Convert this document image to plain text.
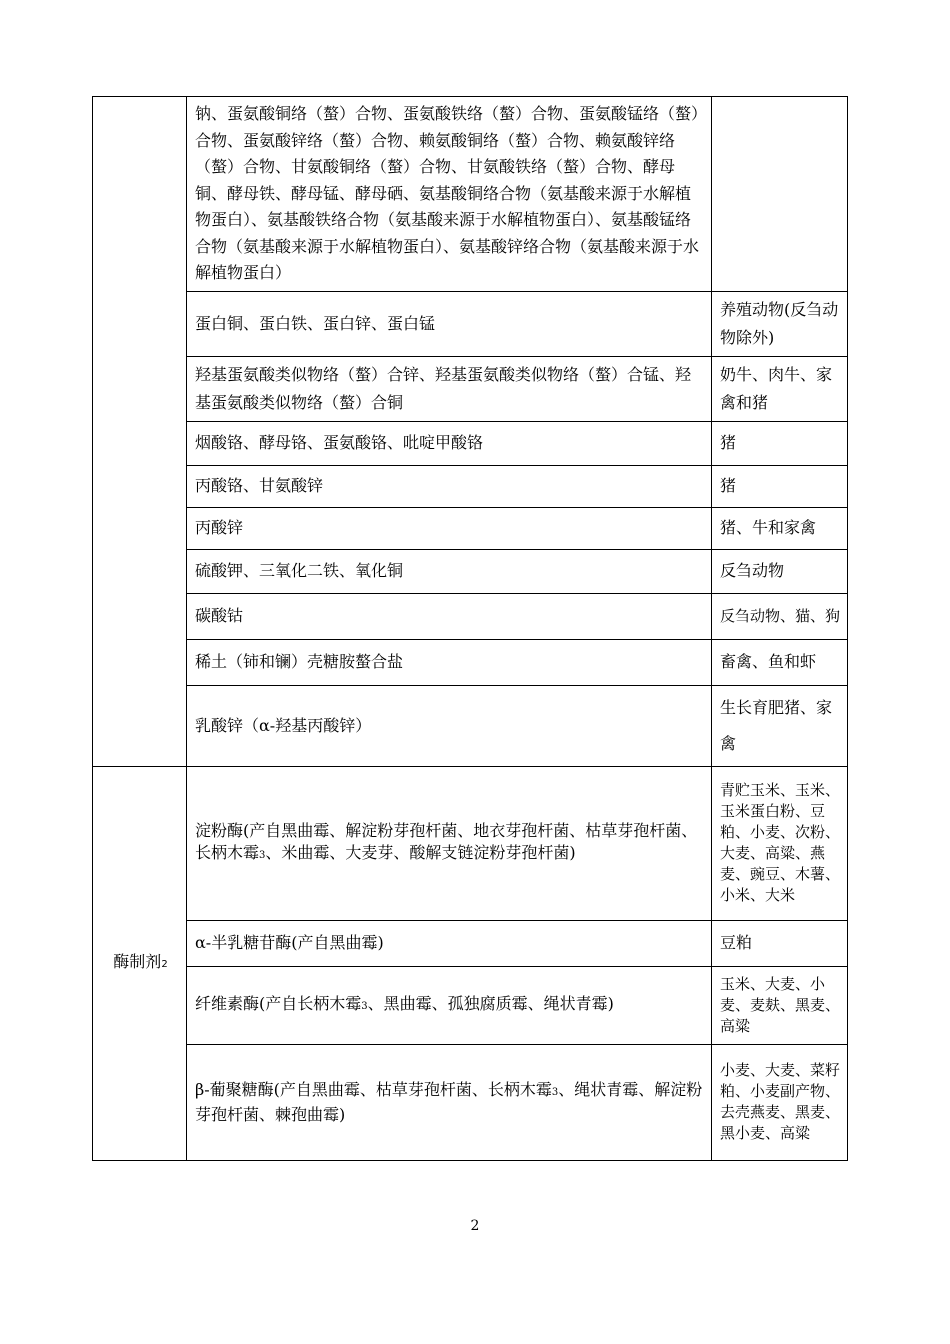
	钠、蛋氨酸铜络（螯）合物、蛋氨酸铁络（螯）合物、蛋氨酸锰络（螯）合物、蛋氨酸锌络（螯）合物、赖氨酸铜络（螯）合物、赖氨酸锌络（螯）合物、甘氨酸铜络（螯）合物、甘氨酸铁络（螯）合物、酵母铜、酵母铁、酵母锰、酵母硒、氨基酸铜络合物（氨基酸来源于水解植物蛋白）、氨基酸铁络合物（氨基酸来源于水解植物蛋白）、氨基酸锰络合物（氨基酸来源于水解植物蛋白）、氨基酸锌络合物（氨基酸来源于水解植物蛋白）	
	蛋白铜、蛋白铁、蛋白锌、蛋白锰	养殖动物(反刍动物除外)
	羟基蛋氨酸类似物络（螯）合锌、羟基蛋氨酸类似物络（螯）合锰、羟基蛋氨酸类似物络（螯）合铜	奶牛、肉牛、家禽和猪
	烟酸铬、酵母铬、蛋氨酸铬、吡啶甲酸铬	猪
	丙酸铬、甘氨酸锌	猪
	丙酸锌	猪、牛和家禽
	硫酸钾、三氧化二铁、氧化铜	反刍动物
	碳酸钴	反刍动物、猫、狗
	稀土（铈和镧）壳糖胺螯合盐	畜禽、鱼和虾
	乳酸锌（α-羟基丙酸锌）	生长育肥猪、家禽
酶制剂2	淀粉酶(产自黑曲霉、解淀粉芽孢杆菌、地衣芽孢杆菌、枯草芽孢杆菌、长柄木霉3、米曲霉、大麦芽、酸解支链淀粉芽孢杆菌)	青贮玉米、玉米、玉米蛋白粉、豆粕、小麦、次粉、大麦、高粱、燕麦、豌豆、木薯、小米、大米
	α-半乳糖苷酶(产自黑曲霉)	豆粕
	纤维素酶(产自长柄木霉3、黑曲霉、孤独腐质霉、绳状青霉)	玉米、大麦、小麦、麦麸、黑麦、高粱
	β-葡聚糖酶(产自黑曲霉、枯草芽孢杆菌、长柄木霉3、绳状青霉、解淀粉芽孢杆菌、棘孢曲霉)	小麦、大麦、菜籽粕、小麦副产物、去壳燕麦、黑麦、黑小麦、高粱
2
